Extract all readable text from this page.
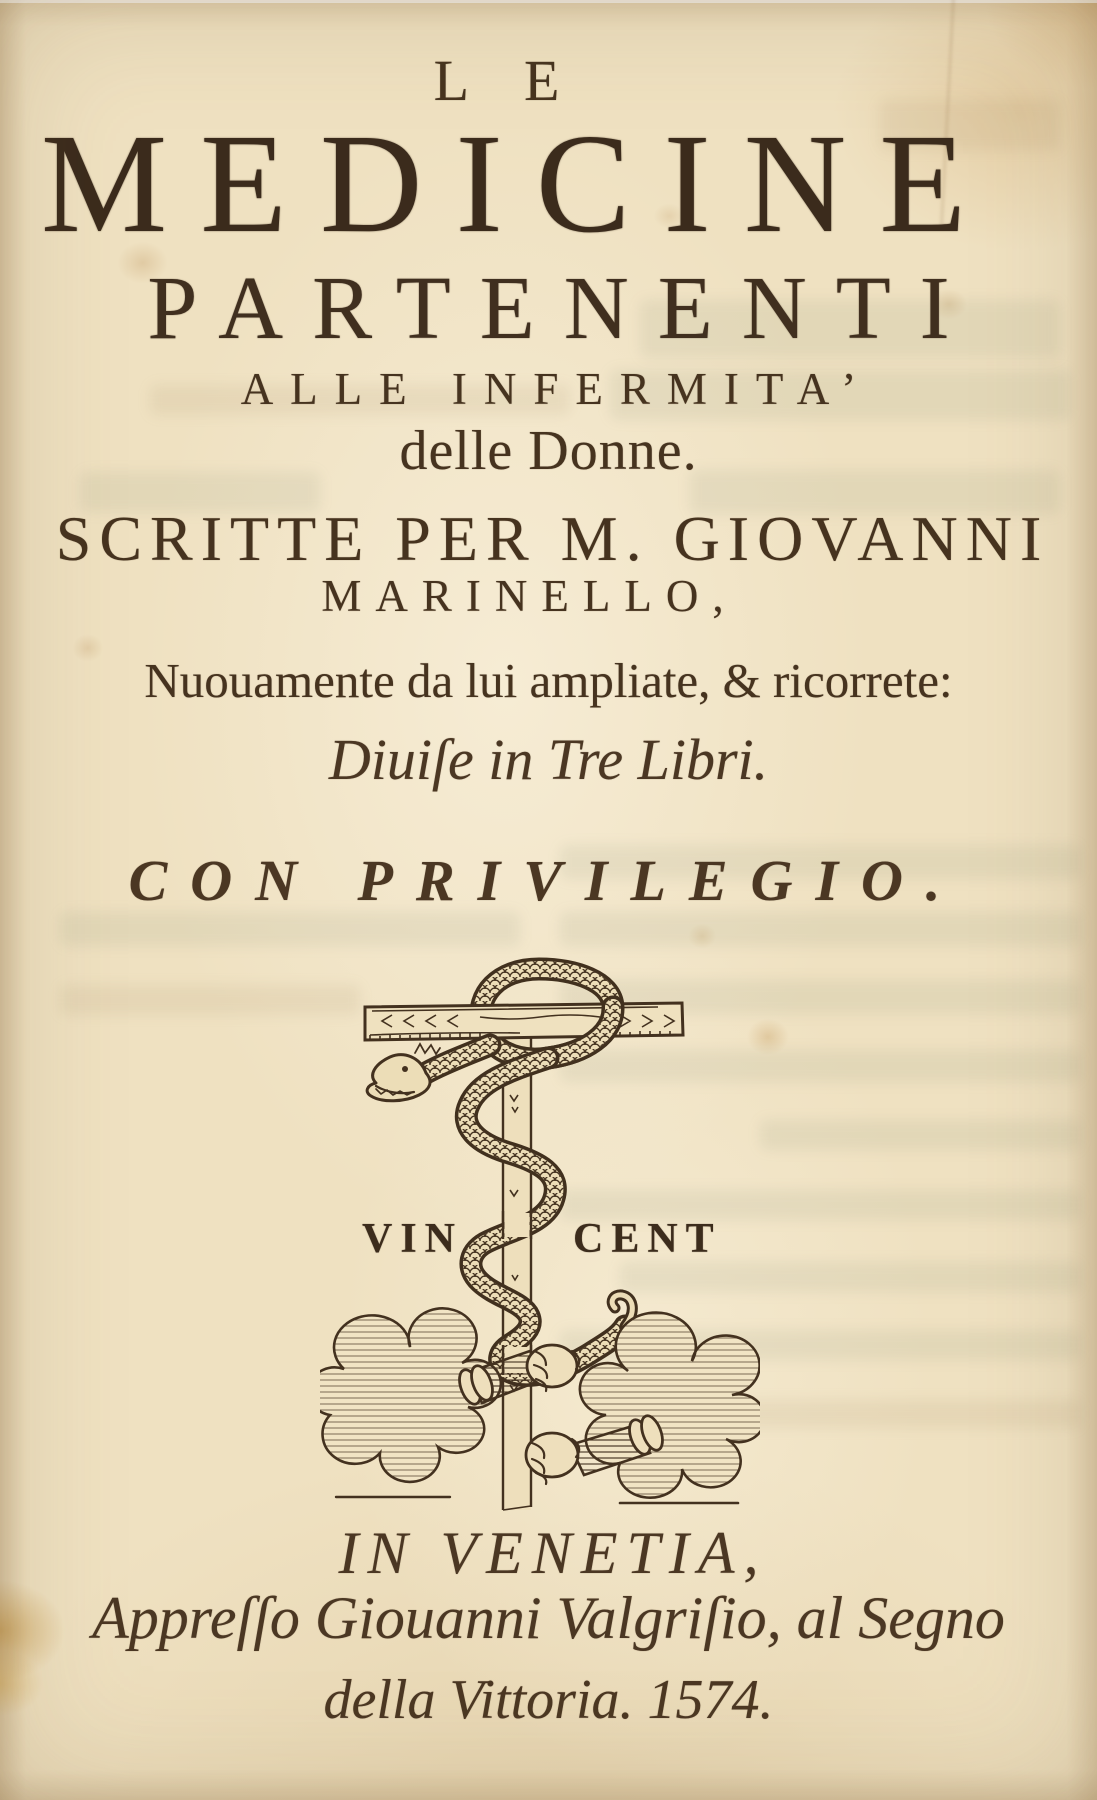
LE
MEDICINE
PARTENENTI
ALLE INFERMITA’
delle Donne.
SCRITTE PER M. GIOVANNI
MARINELLO,
Nuouamente da lui ampliate, & ricorrete:
Diuiſe in Tre Libri.
CON PRIVILEGIO.
VIN	CENT
IN VENETIA,
Appreſſo Giouanni Valgriſio, al Segno
della Vittoria. 1574.
